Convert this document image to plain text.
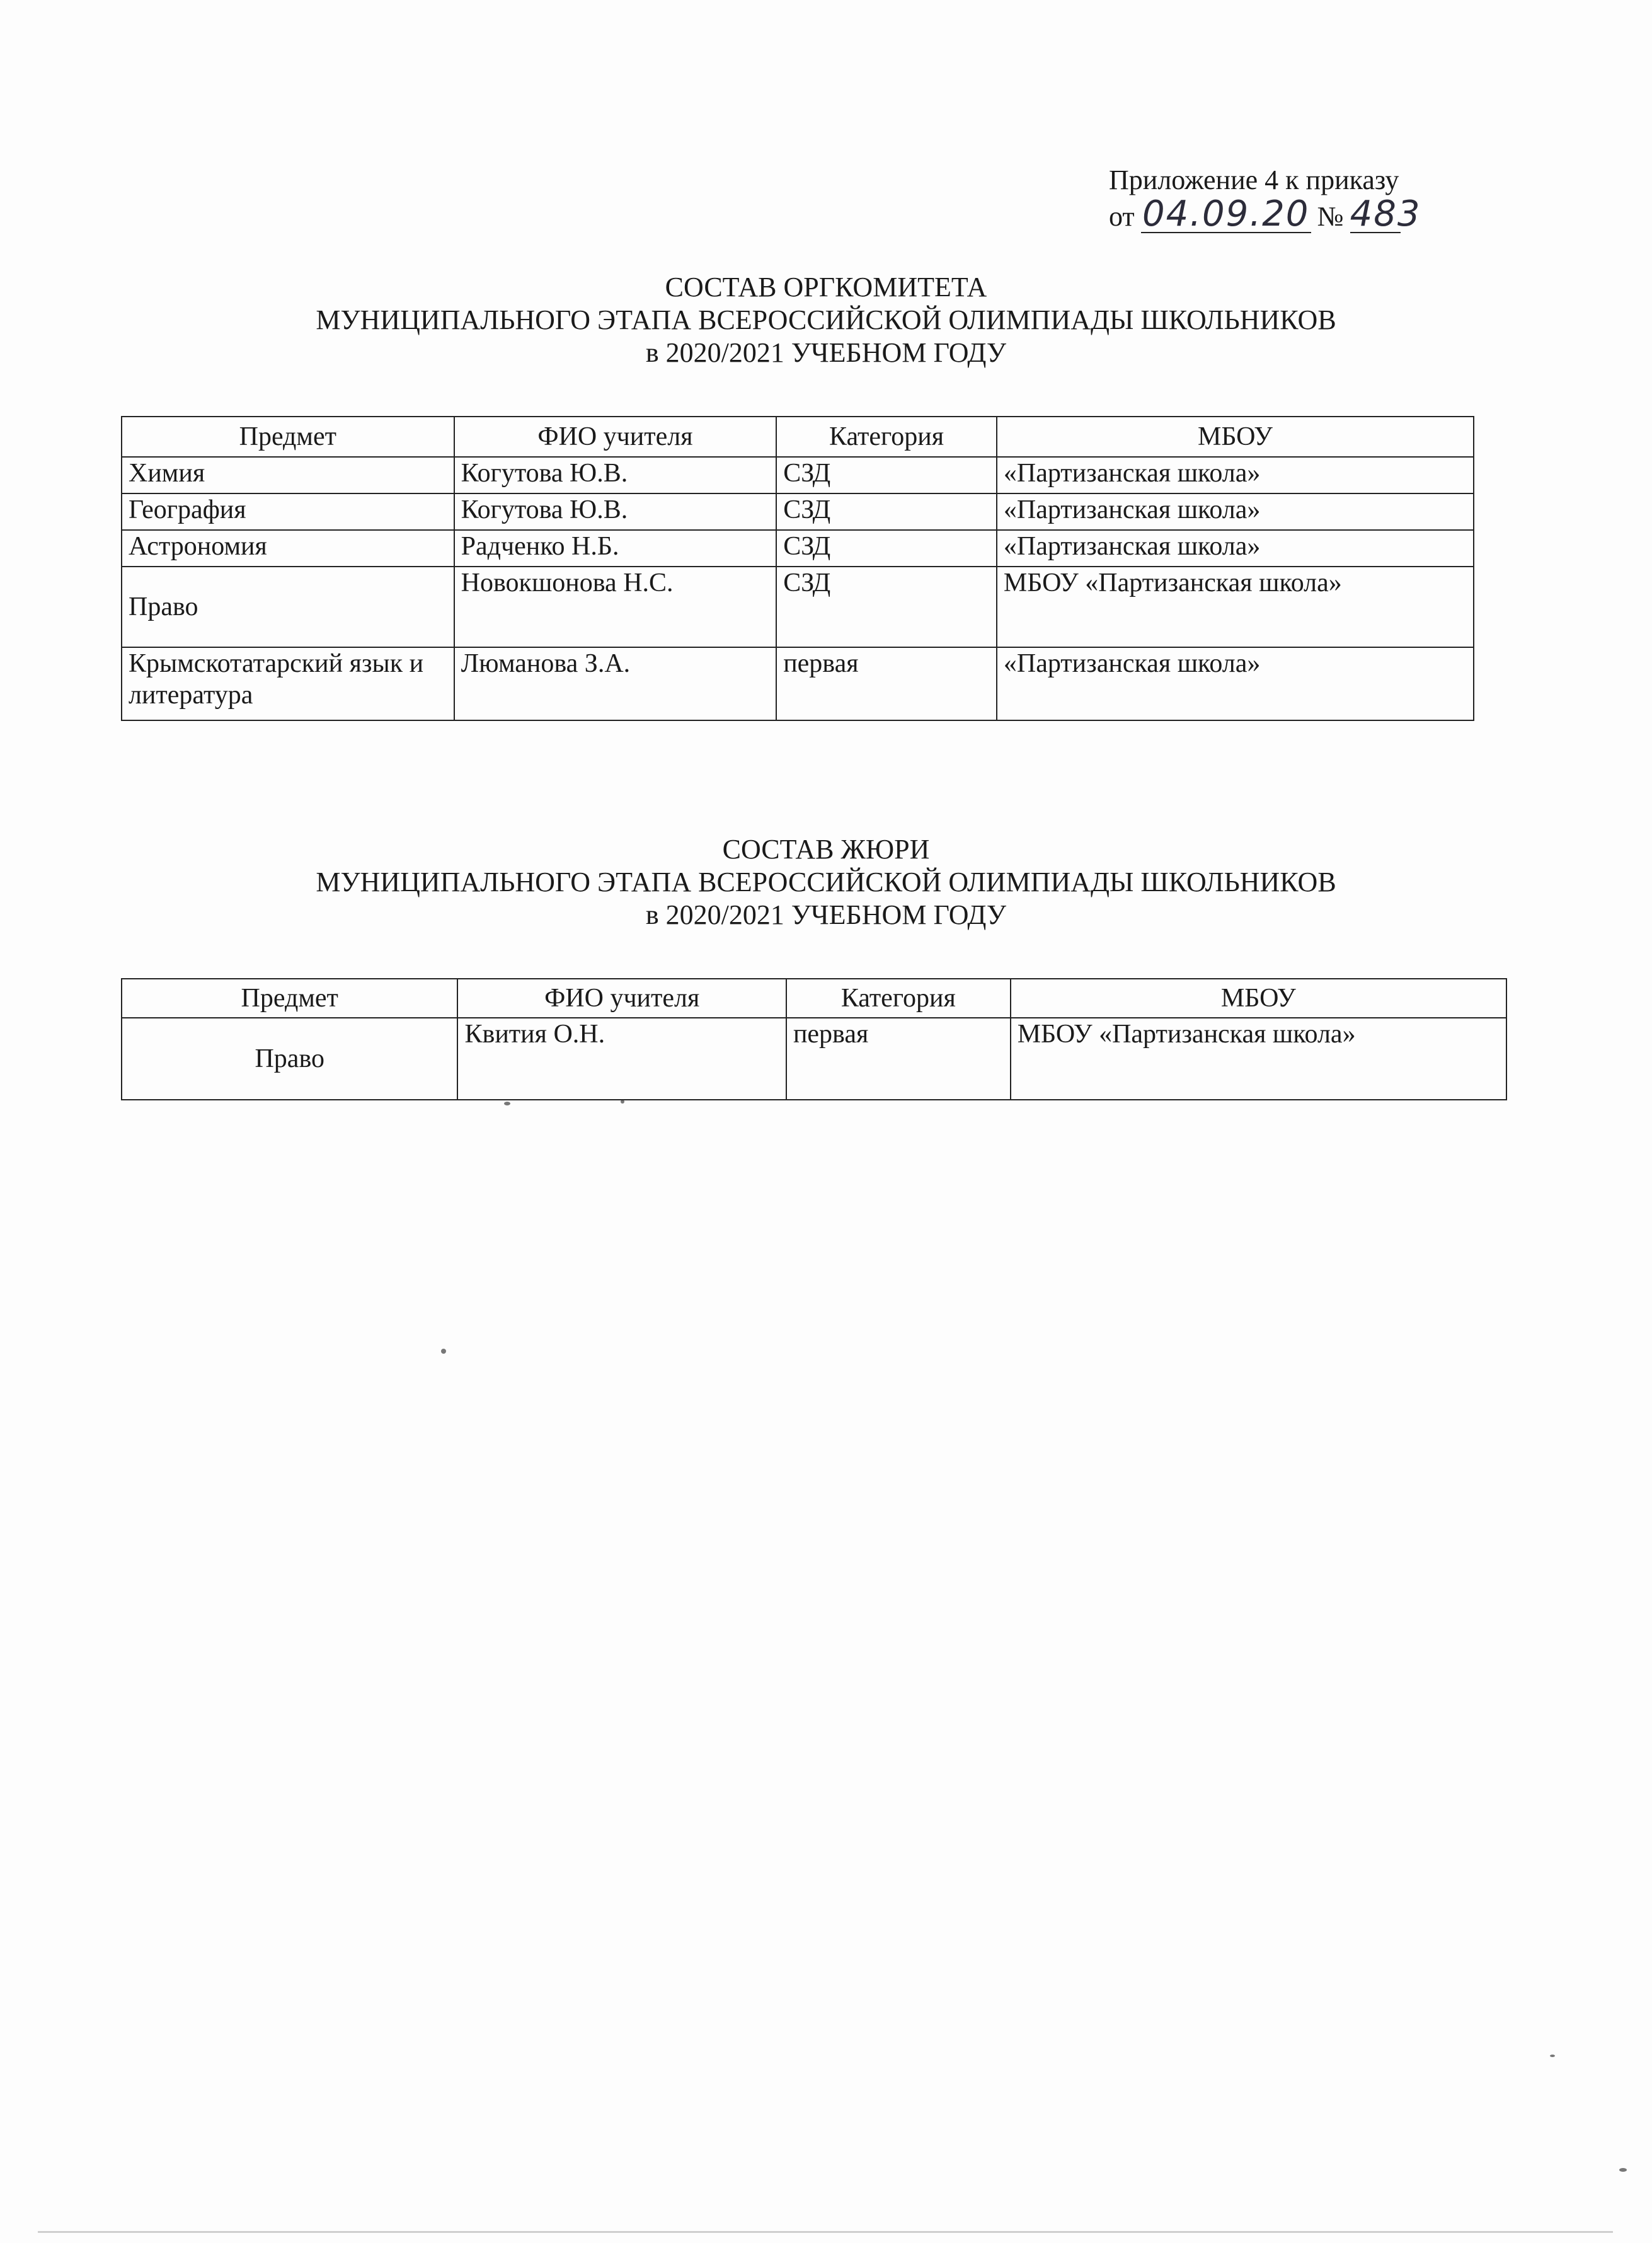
Приложение 4 к приказу
от 04.09.20 № 483
СОСТАВ ОРГКОМИТЕТА
МУНИЦИПАЛЬНОГО ЭТАПА ВСЕРОССИЙСКОЙ ОЛИМПИАДЫ ШКОЛЬНИКОВ
в 2020/2021 УЧЕБНОМ ГОДУ
Предмет	ФИО учителя	Категория	МБОУ
Химия	Когутова Ю.В.	СЗД	«Партизанская школа»
География	Когутова Ю.В.	СЗД	«Партизанская школа»
Астрономия	Радченко Н.Б.	СЗД	«Партизанская школа»
Право	Новокшонова Н.С.	СЗД	МБОУ «Партизанская школа»
Крымскотатарский язык и литература	Люманова З.А.	первая	«Партизанская школа»
СОСТАВ ЖЮРИ
МУНИЦИПАЛЬНОГО ЭТАПА ВСЕРОССИЙСКОЙ ОЛИМПИАДЫ ШКОЛЬНИКОВ
в 2020/2021 УЧЕБНОМ ГОДУ
Предмет	ФИО учителя	Категория	МБОУ
Право	Квития О.Н.	первая	МБОУ «Партизанская школа»
